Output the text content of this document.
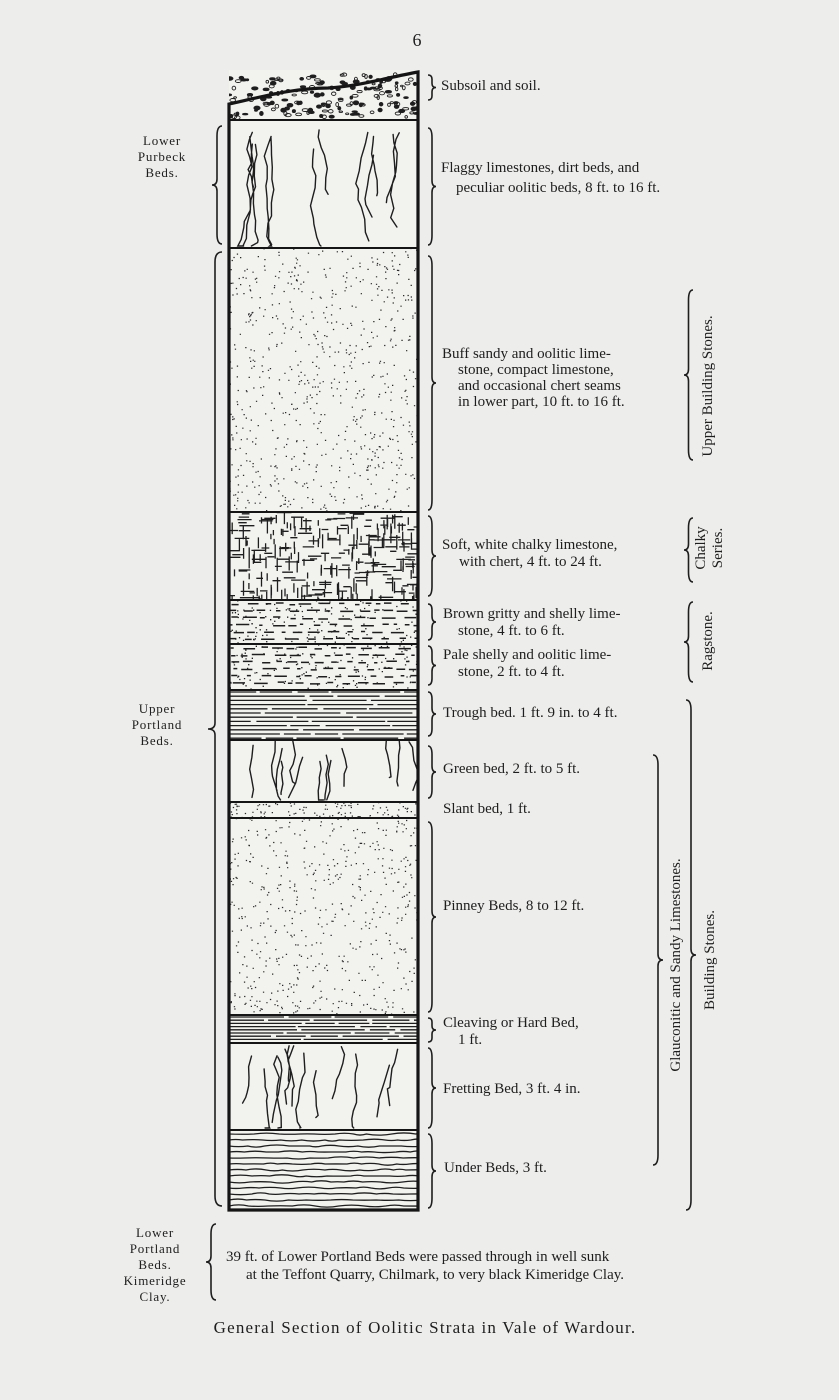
6
Subsoil and soil.
Flaggy limestones, dirt beds, and peculiar oolitic beds, 8 ft. to 16 ft.
Buff sandy and oolitic lime-stone, compact limestone, and occasional chert seams in lower part, 10 ft. to 16 ft.
Soft, white chalky limestone, with chert, 4 ft. to 24 ft.
Brown gritty and shelly lime-stone, 4 ft. to 6 ft.
Pale shelly and oolitic lime-stone, 2 ft. to 4 ft.
Trough bed. 1 ft. 9 in. to 4 ft.
Green bed, 2 ft. to 5 ft.
Slant bed, 1 ft.
Pinney Beds, 8 to 12 ft.
Cleaving or Hard Bed, 1 ft.
Fretting Bed, 3 ft. 4 in.
Under Beds, 3 ft.
Lower Purbeck Beds.
Upper Portland Beds.
Lower Portland Beds. Kimeridge Clay.
Upper Building Stones.
ChalkySeries.
Ragstone.
Glauconitic and Sandy Limestones. Building Stones.
39 ft. of Lower Portland Beds were passed through in well sunk at the Teffont Quarry, Chilmark, to very black Kimeridge Clay.
General Section of Oolitic Strata in Vale of Wardour.
